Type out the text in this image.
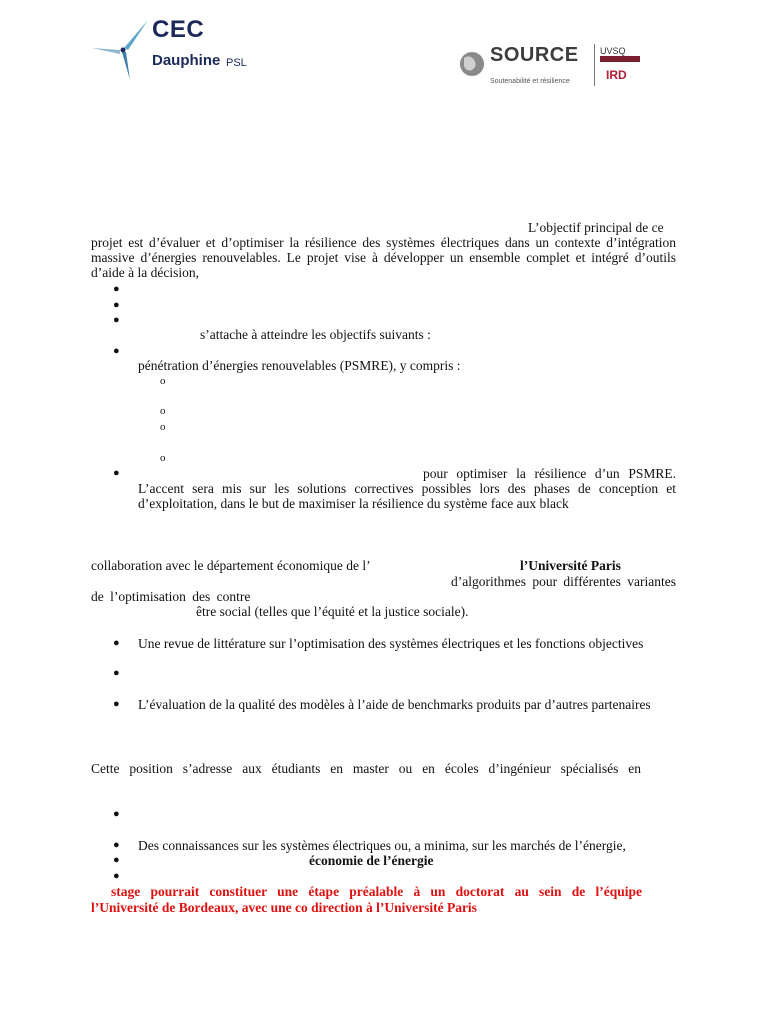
CEC
Dauphine PSL	SOURCE
Soutenabilité et résilience
UVSQ
IRD
L’objectif principal de ce
projet est d’évaluer et d’optimiser la résilience des systèmes électriques dans un contexte d’intégration
massive d’énergies renouvelables. Le projet vise à développer un ensemble complet et intégré d’outils
d’aide à la décision,
●
●
●
s’attache à atteindre les objectifs suivants :
●
pénétration d’énergies renouvelables (PSMRE), y compris :
o
o
o
o
●	pour optimiser la résilience d’un PSMRE.
L’accent sera mis sur les solutions correctives possibles lors des phases de conception et
d’exploitation, dans le but de maximiser la résilience du système face aux black
collaboration avec le département économique de l’	l’Université Paris
d’algorithmes pour différentes variantes
de l’optimisation des contre
être social (telles que l’équité et la justice sociale).
● Une revue de littérature sur l’optimisation des systèmes électriques et les fonctions objectives
●
● L’évaluation de la qualité des modèles à l’aide de benchmarks produits par d’autres partenaires
Cette position s’adresse aux étudiants en master ou en écoles d’ingénieur spécialisés en
●
● Des connaissances sur les systèmes électriques ou, a minima, sur les marchés de l’énergie,
●	économie de l’énergie
●
stage pourrait constituer une étape préalable à un doctorat au sein de l’équipe
l’Université de Bordeaux, avec une co direction à l’Université Paris
